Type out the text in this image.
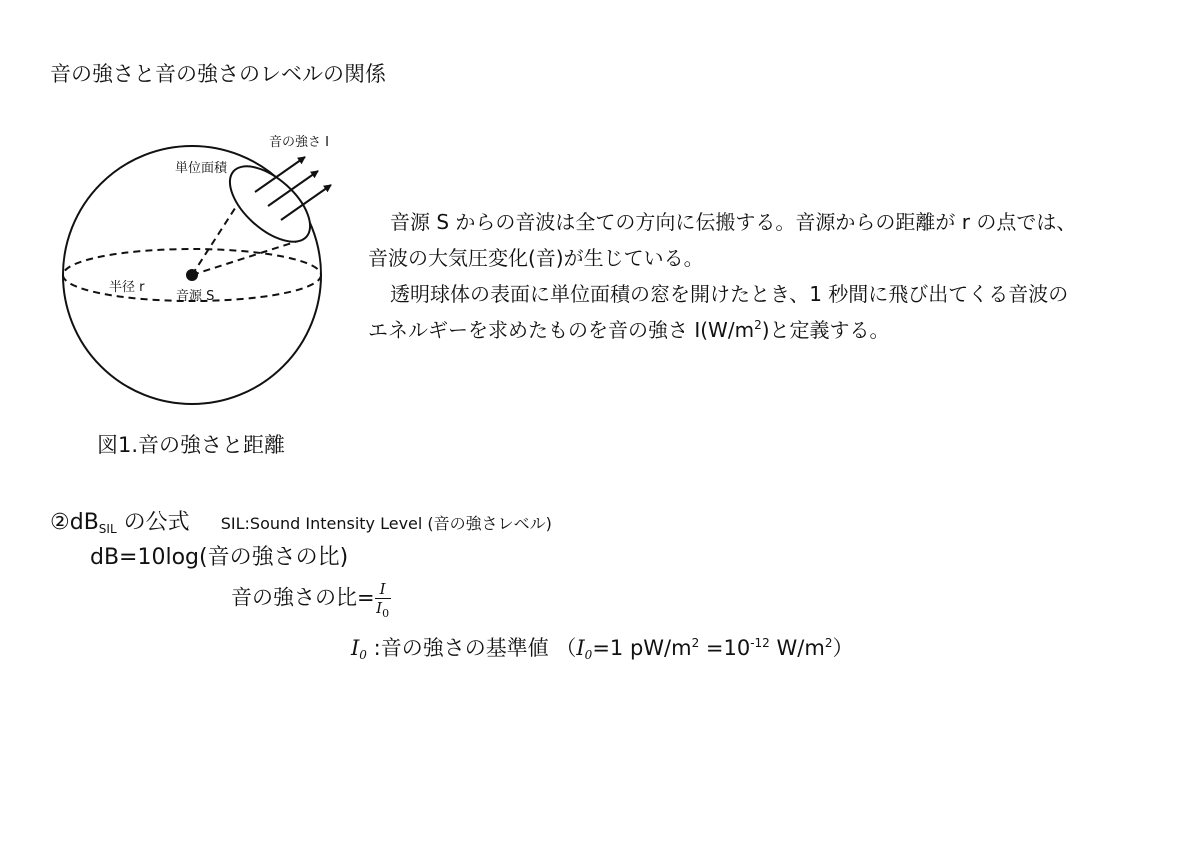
音の強さと音の強さのレベルの関係
音の強さ I
単位面積
半径 r
音源 S
図1.音の強さと距離

音源 S からの音波は全ての方向に伝搬する。音源からの距離が r の点では、

音波の大気圧変化(音)が生じている。

透明球体の表面に単位面積の窓を開けたとき、1 秒間に飛び出てくる音波の

エネルギーを求めたものを音の強さ $I(W/m^2)$と定義する。

$②dB_{SIL}$ の公式 SIL:Sound Intensity Level (音の強さレベル)
dB=10log(音の強さの比)
音の強さの比= $\frac{I}{I_0}$
$I_0$ :音の強さの基準値 （$I_0=1$ $pW/m^2 =10^{-12}$ $W/m^2$）
